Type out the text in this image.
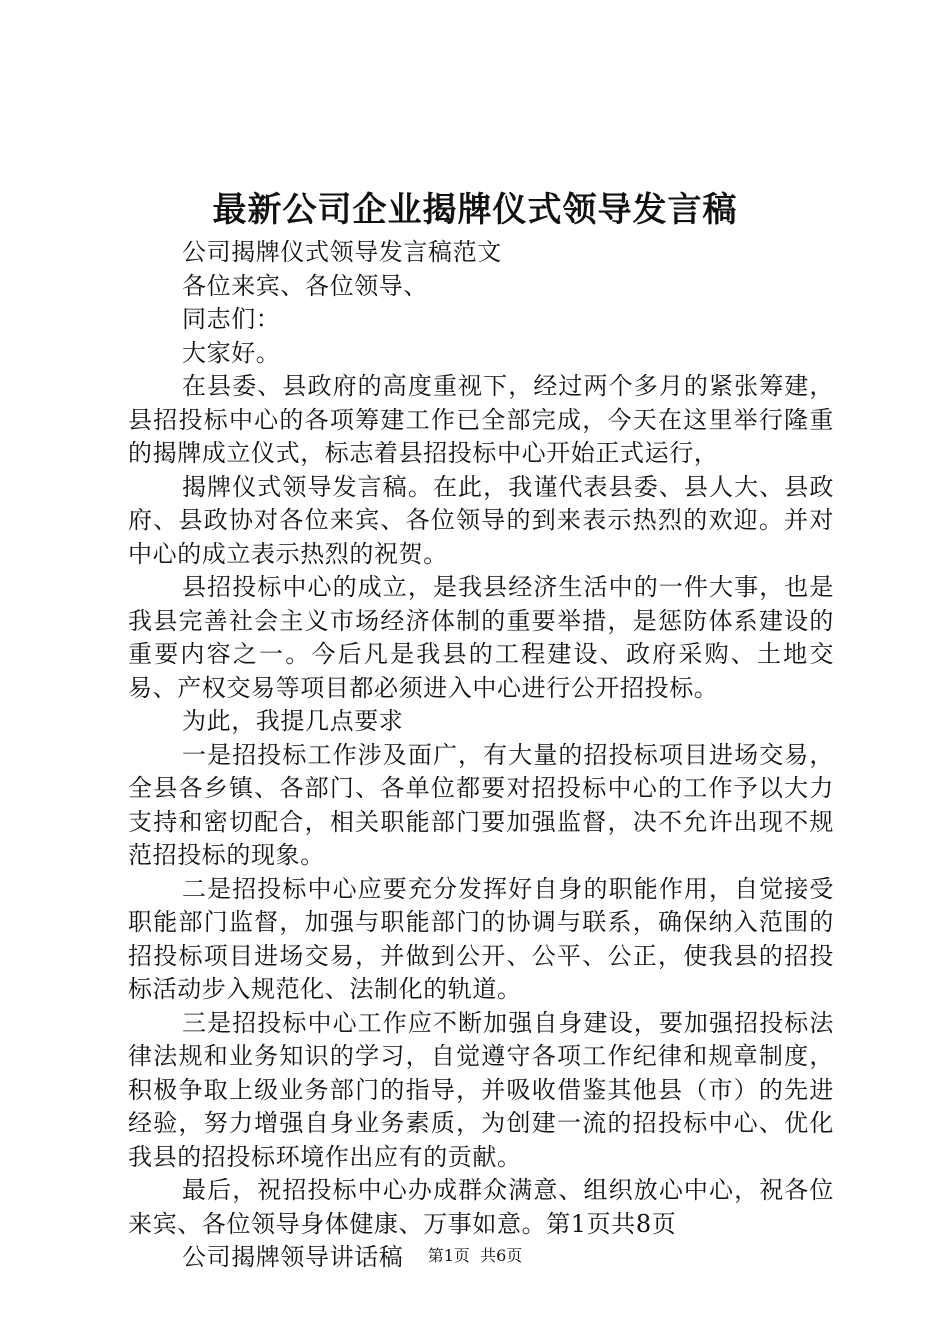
最新公司企业揭牌仪式领导发言稿

公司揭牌仪式领导发言稿范文

各位来宾、各位领导、

同志们：

大家好。

在县委、县政府的高度重视下，经过两个多月的紧张筹建，县招投标中心的各项筹建工作已全部完成，今天在这里举行隆重的揭牌成立仪式，标志着县招投标中心开始正式运行，

揭牌仪式领导发言稿。在此，我谨代表县委、县人大、县政府、县政协对各位来宾、各位领导的到来表示热烈的欢迎。并对中心的成立表示热烈的祝贺。

县招投标中心的成立，是我县经济生活中的一件大事，也是我县完善社会主义市场经济体制的重要举措，是惩防体系建设的重要内容之一。今后凡是我县的工程建设、政府采购、土地交易、产权交易等项目都必须进入中心进行公开招投标。

为此，我提几点要求

一是招投标工作涉及面广，有大量的招投标项目进场交易，全县各乡镇、各部门、各单位都要对招投标中心的工作予以大力支持和密切配合，相关职能部门要加强监督，决不允许出现不规范招投标的现象。

二是招投标中心应要充分发挥好自身的职能作用，自觉接受职能部门监督，加强与职能部门的协调与联系，确保纳入范围的招投标项目进场交易，并做到公开、公平、公正，使我县的招投标活动步入规范化、法制化的轨道。

三是招投标中心工作应不断加强自身建设，要加强招投标法律法规和业务知识的学习，自觉遵守各项工作纪律和规章制度，积极争取上级业务部门的指导，并吸收借鉴其他县（市）的先进经验，努力增强自身业务素质，为创建一流的招投标中心、优化我县的招投标环境作出应有的贡献。

最后，祝招投标中心办成群众满意、组织放心中心，祝各位来宾、各位领导身体健康、万事如意。第1页共8页

公司揭牌领导讲话稿	第1页  共6页
